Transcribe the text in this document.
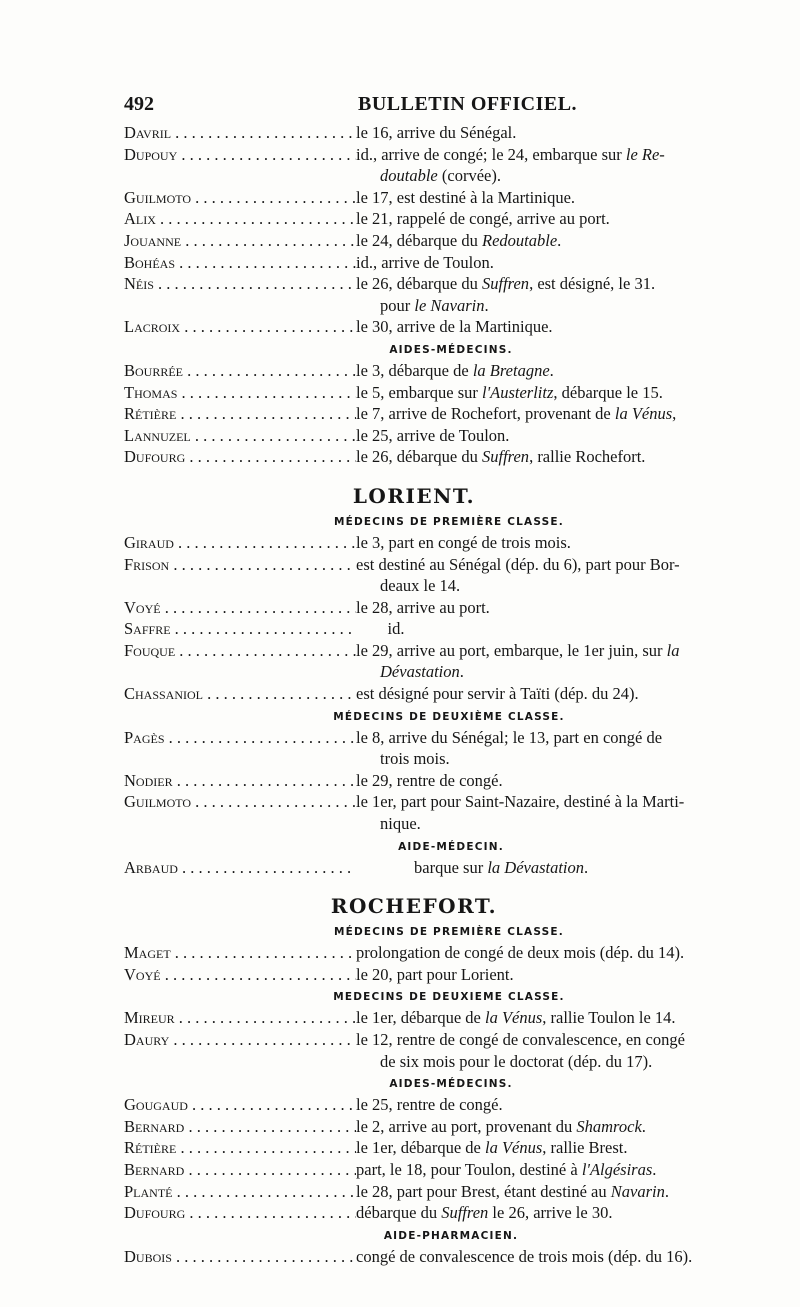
492	BULLETIN OFFICIEL.
Davril . . .	le 16, arrive du Sénégal.
Dupouy . . .	id., arrive de congé; le 24, embarque sur le Re-
doutable (corvée).
Guilmoto . . .	le 17, est destiné à la Martinique.
Alix . . .	le 21, rappelé de congé, arrive au port.
Jouanne . . .	le 24, débarque du Redoutable.
Bohéas . . .	id., arrive de Toulon.
Néis . . .	le 26, débarque du Suffren, est désigné, le 31.
pour le Navarin.
Lacroix . . .	le 30, arrive de la Martinique.
AIDES-MÉDECINS.
Bourrée . . .	le 3, débarque de la Bretagne.
Thomas . . .	le 5, embarque sur l'Austerlitz, débarque le 15.
Rétière . . .	le 7, arrive de Rochefort, provenant de la Vénus,
Lannuzel . . .	le 25, arrive de Toulon.
Dufourg . . .	le 26, débarque du Suffren, rallie Rochefort.
LORIENT.
MÉDECINS DE PREMIÈRE CLASSE.
Giraud . . .	le 3, part en congé de trois mois.
Frison . . .	est destiné au Sénégal (dép. du 6), part pour Bor-
deaux le 14.
Voyé . . .	le 28, arrive au port.
Saffre . . .	id.
Fouque . . .	le 29, arrive au port, embarque, le 1er juin, sur la
Dévastation.
Chassaniol . . .	est désigné pour servir à Taïti (dép. du 24).
MÉDECINS DE DEUXIÈME CLASSE.
Pagès . . .	le 8, arrive du Sénégal; le 13, part en congé de
trois mois.
Nodier . . .	le 29, rentre de congé.
Guilmoto . . .	le 1er, part pour Saint-Nazaire, destiné à la Marti-
nique.
AIDE-MÉDECIN.
Arbaud . . .	barque sur la Dévastation.
ROCHEFORT.
MÉDECINS DE PREMIÈRE CLASSE.
Maget . . .	prolongation de congé de deux mois (dép. du 14).
Voyé . . .	le 20, part pour Lorient.
MEDECINS DE DEUXIEME CLASSE.
Mireur . . .	le 1er, débarque de la Vénus, rallie Toulon le 14.
Daury . . .	le 12, rentre de congé de convalescence, en congé
de six mois pour le doctorat (dép. du 17).
AIDES-MÉDECINS.
Gougaud . . .	le 25, rentre de congé.
Bernard . . .	le 2, arrive au port, provenant du Shamrock.
Rétière . . .	le 1er, débarque de la Vénus, rallie Brest.
Bernard . . .	part, le 18, pour Toulon, destiné à l'Algésiras.
Planté . . .	le 28, part pour Brest, étant destiné au Navarin.
Dufourg . . .	débarque du Suffren le 26, arrive le 30.
AIDE-PHARMACIEN.
Dubois . . .	congé de convalescence de trois mois (dép. du 16).
